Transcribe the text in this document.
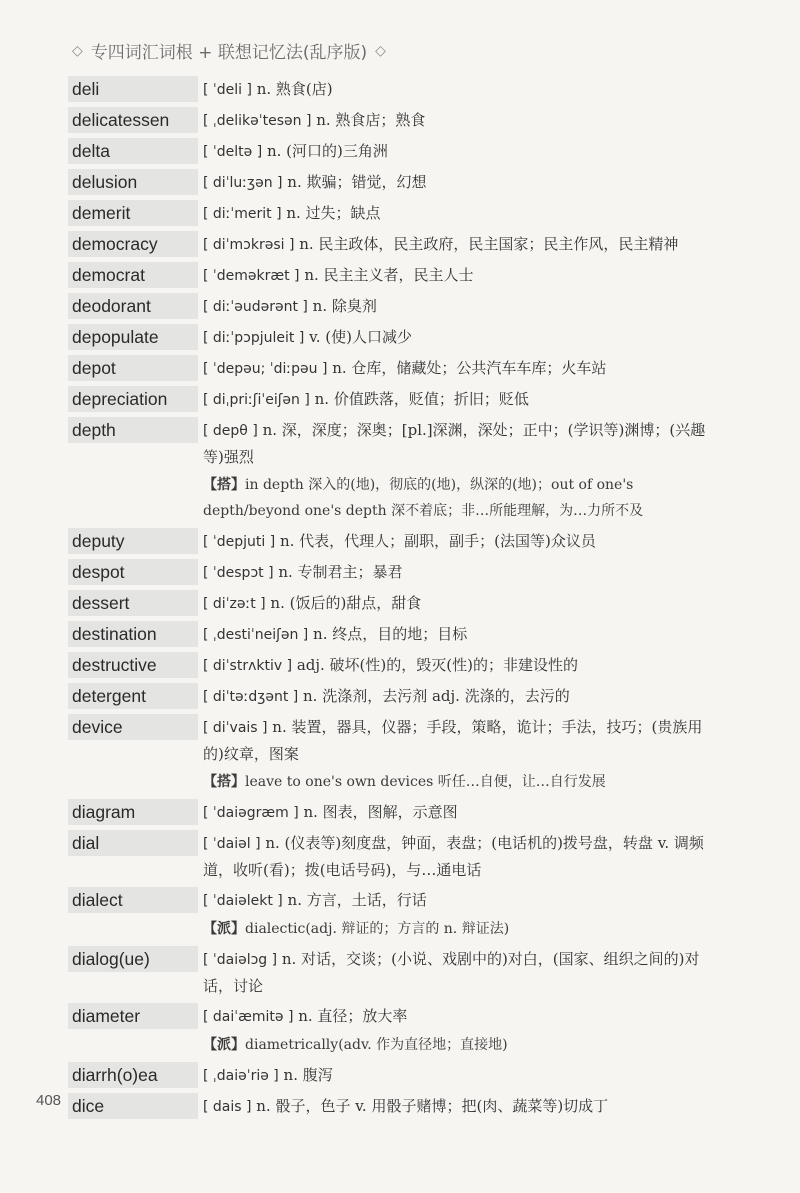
◇ 专四词汇词根 + 联想记忆法(乱序版) ◇
deli	[ ˈdeli ] n. 熟食(店)
delicatessen	[ ˌdelikəˈtesən ] n. 熟食店；熟食
delta	[ ˈdeltə ] n. (河口的)三角洲
delusion	[ diˈluːʒən ] n. 欺骗；错觉，幻想
demerit	[ diːˈmerit ] n. 过失；缺点
democracy	[ diˈmɔkrəsi ] n. 民主政体，民主政府，民主国家；民主作风，民主精神
democrat	[ ˈdeməkræt ] n. 民主主义者，民主人士
deodorant	[ diːˈəudərənt ] n. 除臭剂
depopulate	[ diːˈpɔpjuleit ] v. (使)人口减少
depot	[ ˈdepəu; ˈdiːpəu ] n. 仓库，储藏处；公共汽车车库；火车站
depreciation	[ diˌpriːʃiˈeiʃən ] n. 价值跌落，贬值；折旧；贬低
depth	[ depθ ] n. 深，深度；深奥；[pl.]深渊，深处；正中；(学识等)渊博；(兴趣等)强烈
【搭】in depth 深入的(地)，彻底的(地)，纵深的(地)；out of one's depth/beyond one's depth 深不着底；非…所能理解，为…力所不及
deputy	[ ˈdepjuti ] n. 代表，代理人；副职，副手；(法国等)众议员
despot	[ ˈdespɔt ] n. 专制君主；暴君
dessert	[ diˈzəːt ] n. (饭后的)甜点，甜食
destination	[ ˌdestiˈneiʃən ] n. 终点，目的地；目标
destructive	[ diˈstrʌktiv ] adj. 破坏(性)的，毁灭(性)的；非建设性的
detergent	[ diˈtəːdʒənt ] n. 洗涤剂，去污剂 adj. 洗涤的，去污的
device	[ diˈvais ] n. 装置，器具，仪器；手段，策略，诡计；手法，技巧；(贵族用的)纹章，图案
【搭】leave to one's own devices 听任…自便，让…自行发展
diagram	[ ˈdaiəgræm ] n. 图表，图解，示意图
dial	[ ˈdaiəl ] n. (仪表等)刻度盘，钟面，表盘；(电话机的)拨号盘，转盘 v. 调频道，收听(看)；拨(电话号码)，与…通电话
dialect	[ ˈdaiəlekt ] n. 方言，土话，行话
【派】dialectic(adj. 辩证的；方言的 n. 辩证法)
dialog(ue)	[ ˈdaiəlɔg ] n. 对话，交谈；(小说、戏剧中的)对白，(国家、组织之间的)对话，讨论
diameter	[ daiˈæmitə ] n. 直径；放大率
【派】diametrically(adv. 作为直径地；直接地)
diarrh(o)ea	[ ˌdaiəˈriə ] n. 腹泻
dice	[ dais ] n. 骰子，色子 v. 用骰子赌博；把(肉、蔬菜等)切成丁
408
